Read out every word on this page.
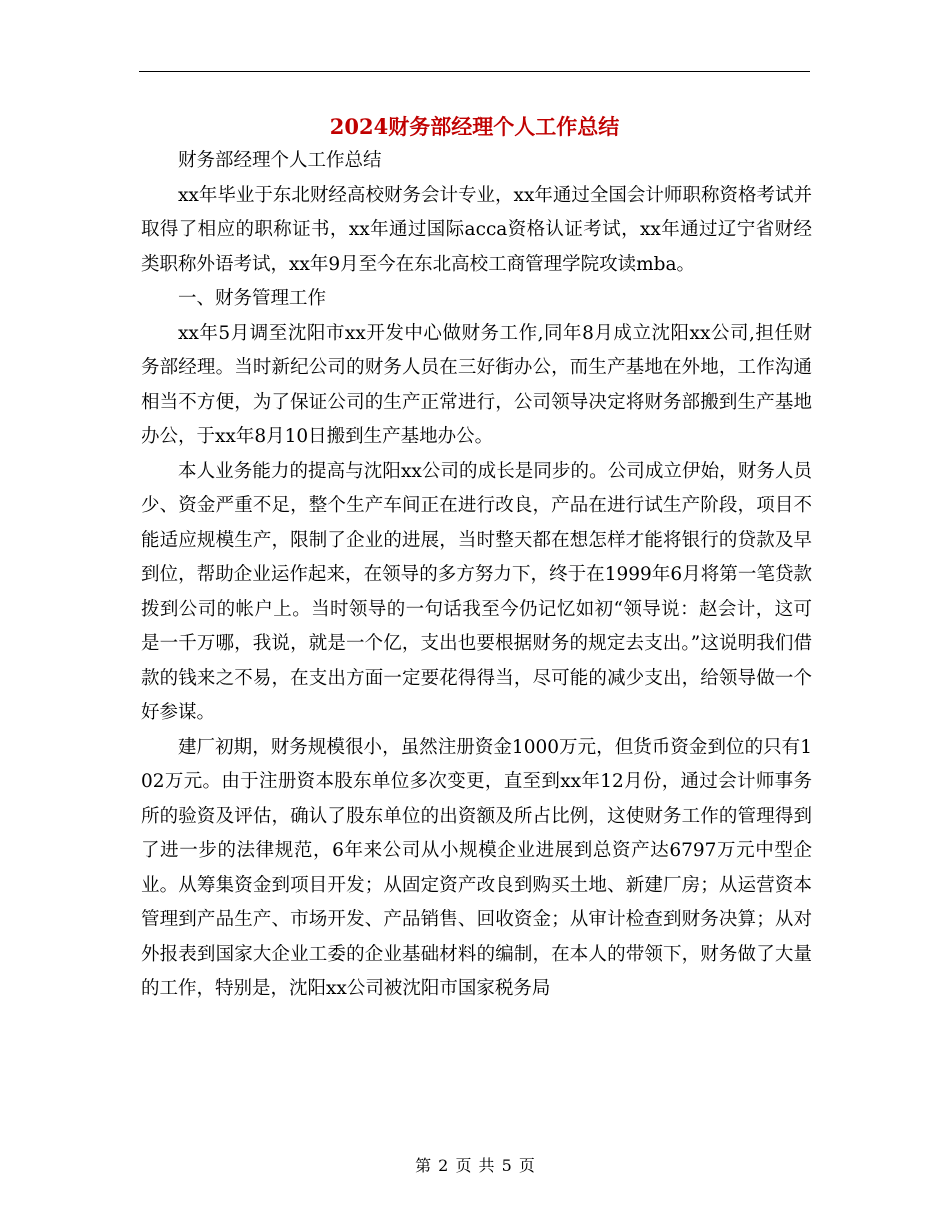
2024财务部经理个人工作总结

财务部经理个人工作总结

xx年毕业于东北财经高校财务会计专业，xx年通过全国会计师职称资格考试并取得了相应的职称证书，xx年通过国际acca资格认证考试，xx年通过辽宁省财经类职称外语考试，xx年9月至今在东北高校工商管理学院攻读mba。

一、财务管理工作

xx年5月调至沈阳市xx开发中心做财务工作,同年8月成立沈阳xx公司,担任财务部经理。当时新纪公司的财务人员在三好街办公，而生产基地在外地，工作沟通相当不方便，为了保证公司的生产正常进行，公司领导决定将财务部搬到生产基地办公，于xx年8月10日搬到生产基地办公。

本人业务能力的提高与沈阳xx公司的成长是同步的。公司成立伊始，财务人员少、资金严重不足，整个生产车间正在进行改良，产品在进行试生产阶段，项目不能适应规模生产，限制了企业的进展，当时整天都在想怎样才能将银行的贷款及早到位，帮助企业运作起来，在领导的多方努力下，终于在1999年6月将第一笔贷款拨到公司的帐户上。当时领导的一句话我至今仍记忆如初“领导说：赵会计，这可是一千万哪，我说，就是一个亿，支出也要根据财务的规定去支出。”这说明我们借款的钱来之不易，在支出方面一定要花得得当，尽可能的减少支出，给领导做一个好参谋。

建厂初期，财务规模很小，虽然注册资金1000万元，但货币资金到位的只有102万元。由于注册资本股东单位多次变更，直至到xx年12月份，通过会计师事务所的验资及评估，确认了股东单位的出资额及所占比例，这使财务工作的管理得到了进一步的法律规范，6年来公司从小规模企业进展到总资产达6797万元中型企业。从筹集资金到项目开发；从固定资产改良到购买土地、新建厂房；从运营资本管理到产品生产、市场开发、产品销售、回收资金；从审计检查到财务决算；从对外报表到国家大企业工委的企业基础材料的编制，在本人的带领下，财务做了大量的工作，特别是，沈阳xx公司被沈阳市国家税务局

第 2 页 共 5 页
